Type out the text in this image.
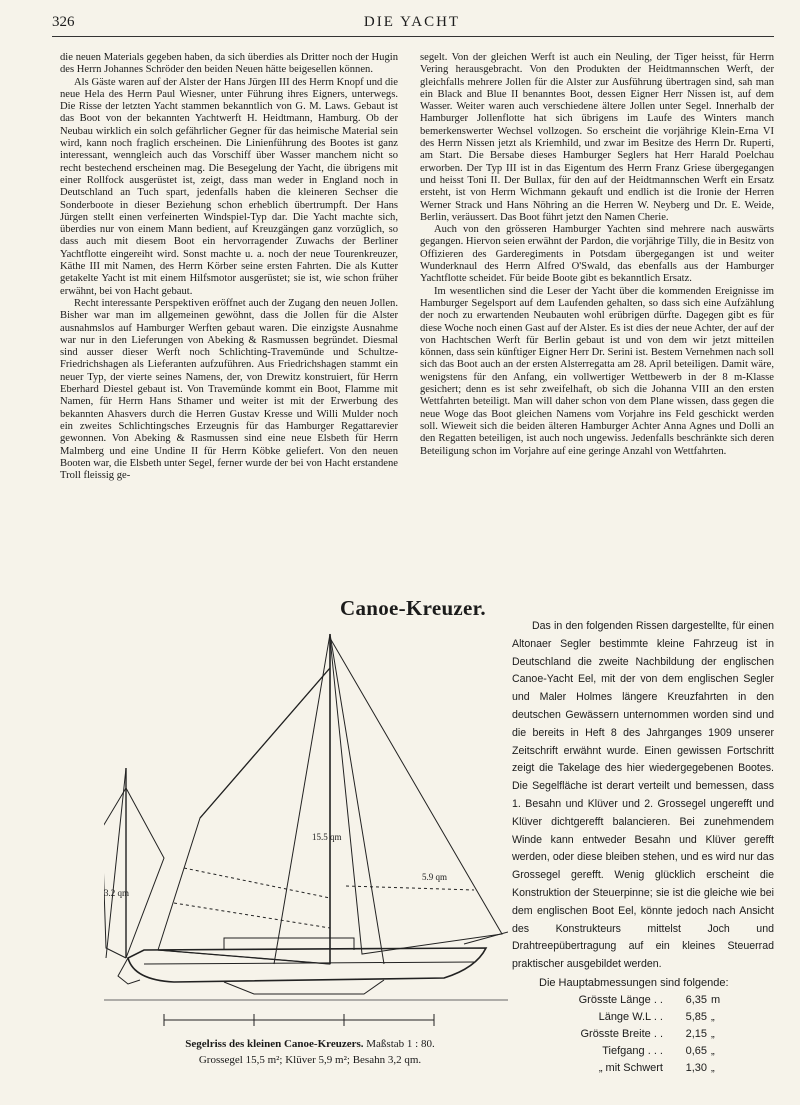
326	DIE YACHT

die neuen Materials gegeben haben, da sich überdies als Dritter noch der Hugin des Herrn Johannes Schröder den beiden Neuen hätte beigesellen können.

Als Gäste waren auf der Alster der Hans Jürgen III des Herrn Knopf und die neue Hela des Herrn Paul Wiesner, unter Führung ihres Eigners, unterwegs. Die Risse der letzten Yacht stammen bekanntlich von G. M. Laws. Gebaut ist das Boot von der bekannten Yachtwerft H. Heidtmann, Hamburg. Ob der Neubau wirklich ein solch gefährlicher Gegner für das heimische Material sein wird, kann noch fraglich erscheinen. Die Linienführung des Bootes ist ganz interessant, wenngleich auch das Vorschiff über Wasser manchem nicht so recht bestechend erscheinen mag. Die Besegelung der Yacht, die übrigens mit einer Rollfock ausgerüstet ist, zeigt, dass man weder in England noch in Deutschland an Tuch spart, jedenfalls haben die kleineren Sechser die Sonderboote in dieser Beziehung schon erheblich übertrumpft. Der Hans Jürgen stellt einen verfeinerten Windspiel-Typ dar. Die Yacht machte sich, überdies nur von einem Mann bedient, auf Kreuzgängen ganz vorzüglich, so dass auch mit diesem Boot ein hervorragender Zuwachs der Berliner Yachtflotte eingereiht wird. Sonst machte u. a. noch der neue Tourenkreuzer, Käthe III mit Namen, des Herrn Körber seine ersten Fahrten. Die als Kutter getakelte Yacht ist mit einem Hilfsmotor ausgerüstet; sie ist, wie schon früher erwähnt, bei von Hacht gebaut.

Recht interessante Perspektiven eröffnet auch der Zugang den neuen Jollen. Bisher war man im allgemeinen gewöhnt, dass die Jollen für die Alster ausnahmslos auf Hamburger Werften gebaut waren. Die einzigste Ausnahme war nur in den Lieferungen von Abeking & Rasmussen begründet. Diesmal sind ausser dieser Werft noch Schlichting-Travemünde und Schultze-Friedrichshagen als Lieferanten aufzuführen. Aus Friedrichshagen stammt ein neuer Typ, der vierte seines Namens, der, von Drewitz konstruiert, für Herrn Eberhard Diestel gebaut ist. Von Travemünde kommt ein Boot, Flamme mit Namen, für Herrn Hans Sthamer und weiter ist mit der Erwerbung des bekannten Ahasvers durch die Herren Gustav Kresse und Willi Mulder noch ein zweites Schlichtingsches Erzeugnis für das Hamburger Regattarevier gewonnen. Von Abeking & Rasmussen sind eine neue Elsbeth für Herrn Malmberg und eine Undine II für Herrn Köbke geliefert. Von den neuen Booten war, die Elsbeth unter Segel, ferner wurde der bei von Hacht erstandene Troll fleissig ge-

segelt. Von der gleichen Werft ist auch ein Neuling, der Tiger heisst, für Herrn Vering herausgebracht. Von den Produkten der Heidtmannschen Werft, der gleichfalls mehrere Jollen für die Alster zur Ausführung übertragen sind, sah man ein Black and Blue II benanntes Boot, dessen Eigner Herr Nissen ist, auf dem Wasser. Weiter waren auch verschiedene ältere Jollen unter Segel. Innerhalb der Hamburger Jollenflotte hat sich übrigens im Laufe des Winters manch bemerkenswerter Wechsel vollzogen. So erscheint die vorjährige Klein-Erna VI des Herrn Nissen jetzt als Kriemhild, und zwar im Besitze des Herrn Dr. Ruperti, am Start. Die Bersabe dieses Hamburger Seglers hat Herr Harald Poelchau erworben. Der Typ III ist in das Eigentum des Herrn Franz Griese übergegangen und heisst Toni II. Der Bullax, für den auf der Heidtmannschen Werft ein Ersatz ersteht, ist von Herrn Wichmann gekauft und endlich ist die Ironie der Herren Werner Strack und Hans Nöhring an die Herren W. Neyberg und Dr. E. Weide, Berlin, veräussert. Das Boot führt jetzt den Namen Cherie.

Auch von den grösseren Hamburger Yachten sind mehrere nach auswärts gegangen. Hiervon seien erwähnt der Pardon, die vorjährige Tilly, die in Besitz von Offizieren des Garderegiments in Potsdam übergegangen ist und weiter Wunderknaul des Herrn Alfred O'Swald, das ebenfalls aus der Hamburger Yachtflotte scheidet. Für beide Boote gibt es bekanntlich Ersatz.

Im wesentlichen sind die Leser der Yacht über die kommenden Ereignisse im Hamburger Segelsport auf dem Laufenden gehalten, so dass sich eine Aufzählung der noch zu erwartenden Neubauten wohl erübrigen dürfte. Dagegen gibt es für diese Woche noch einen Gast auf der Alster. Es ist dies der neue Achter, der auf der von Hachtschen Werft für Berlin gebaut ist und von dem wir jetzt mitteilen können, dass sein künftiger Eigner Herr Dr. Serini ist. Bestem Vernehmen nach soll sich das Boot auch an der ersten Alsterregatta am 28. April beteiligen. Damit wäre, wenigstens für den Anfang, ein vollwertiger Wettbewerb in der 8 m-Klasse gesichert; denn es ist sehr zweifelhaft, ob sich die Johanna VIII an den ersten Wettfahrten beteiligt. Man will daher schon von dem Plane wissen, dass gegen die neue Woge das Boot gleichen Namens vom Vorjahre ins Feld geschickt werden soll. Wieweit sich die beiden älteren Hamburger Achter Anna Agnes und Dolli an den Regatten beteiligen, ist auch noch ungewiss. Jedenfalls beschränkte sich deren Beteiligung schon im Vorjahre auf eine geringe Anzahl von Wettfahrten.

Canoe-Kreuzer.
15.5 qm
5.9 qm
3.2 qm
Segelriss des kleinen Canoe-Kreuzers. Maßstab 1 : 80.
Grossegel 15,5 m²; Klüver 5,9 m²; Besahn 3,2 qm.

Das in den folgenden Rissen dargestellte, für einen Altonaer Segler bestimmte kleine Fahrzeug ist in Deutschland die zweite Nachbildung der englischen Canoe-Yacht Eel, mit der von dem englischen Segler und Maler Holmes längere Kreuzfahrten in den deutschen Gewässern unternommen worden sind und die bereits in Heft 8 des Jahrganges 1909 unserer Zeitschrift erwähnt wurde. Einen gewissen Fortschritt zeigt die Takelage des hier wiedergegebenen Bootes. Die Segelfläche ist derart verteilt und bemessen, dass 1. Besahn und Klüver und 2. Grossegel ungerefft und Klüver dichtgerefft balancieren. Bei zunehmendem Winde kann entweder Besahn und Klüver gerefft werden, oder diese bleiben stehen, und es wird nur das Grossegel gerefft. Wenig glücklich erscheint die Konstruktion der Steuerpinne; sie ist die gleiche wie bei dem englischen Boot Eel, könnte jedoch nach Ansicht des Konstrukteurs mittelst Joch und Drahtreepübertragung auf ein kleines Steuerrad praktischer ausgebildet werden.

Die Hauptabmessungen sind folgende:
Grösste Länge . .	6,35 m
Länge W.L . .	5,85 „
Grösste Breite . .	2,15 „
Tiefgang . . .	0,65 „
„ mit Schwert	1,30 „
